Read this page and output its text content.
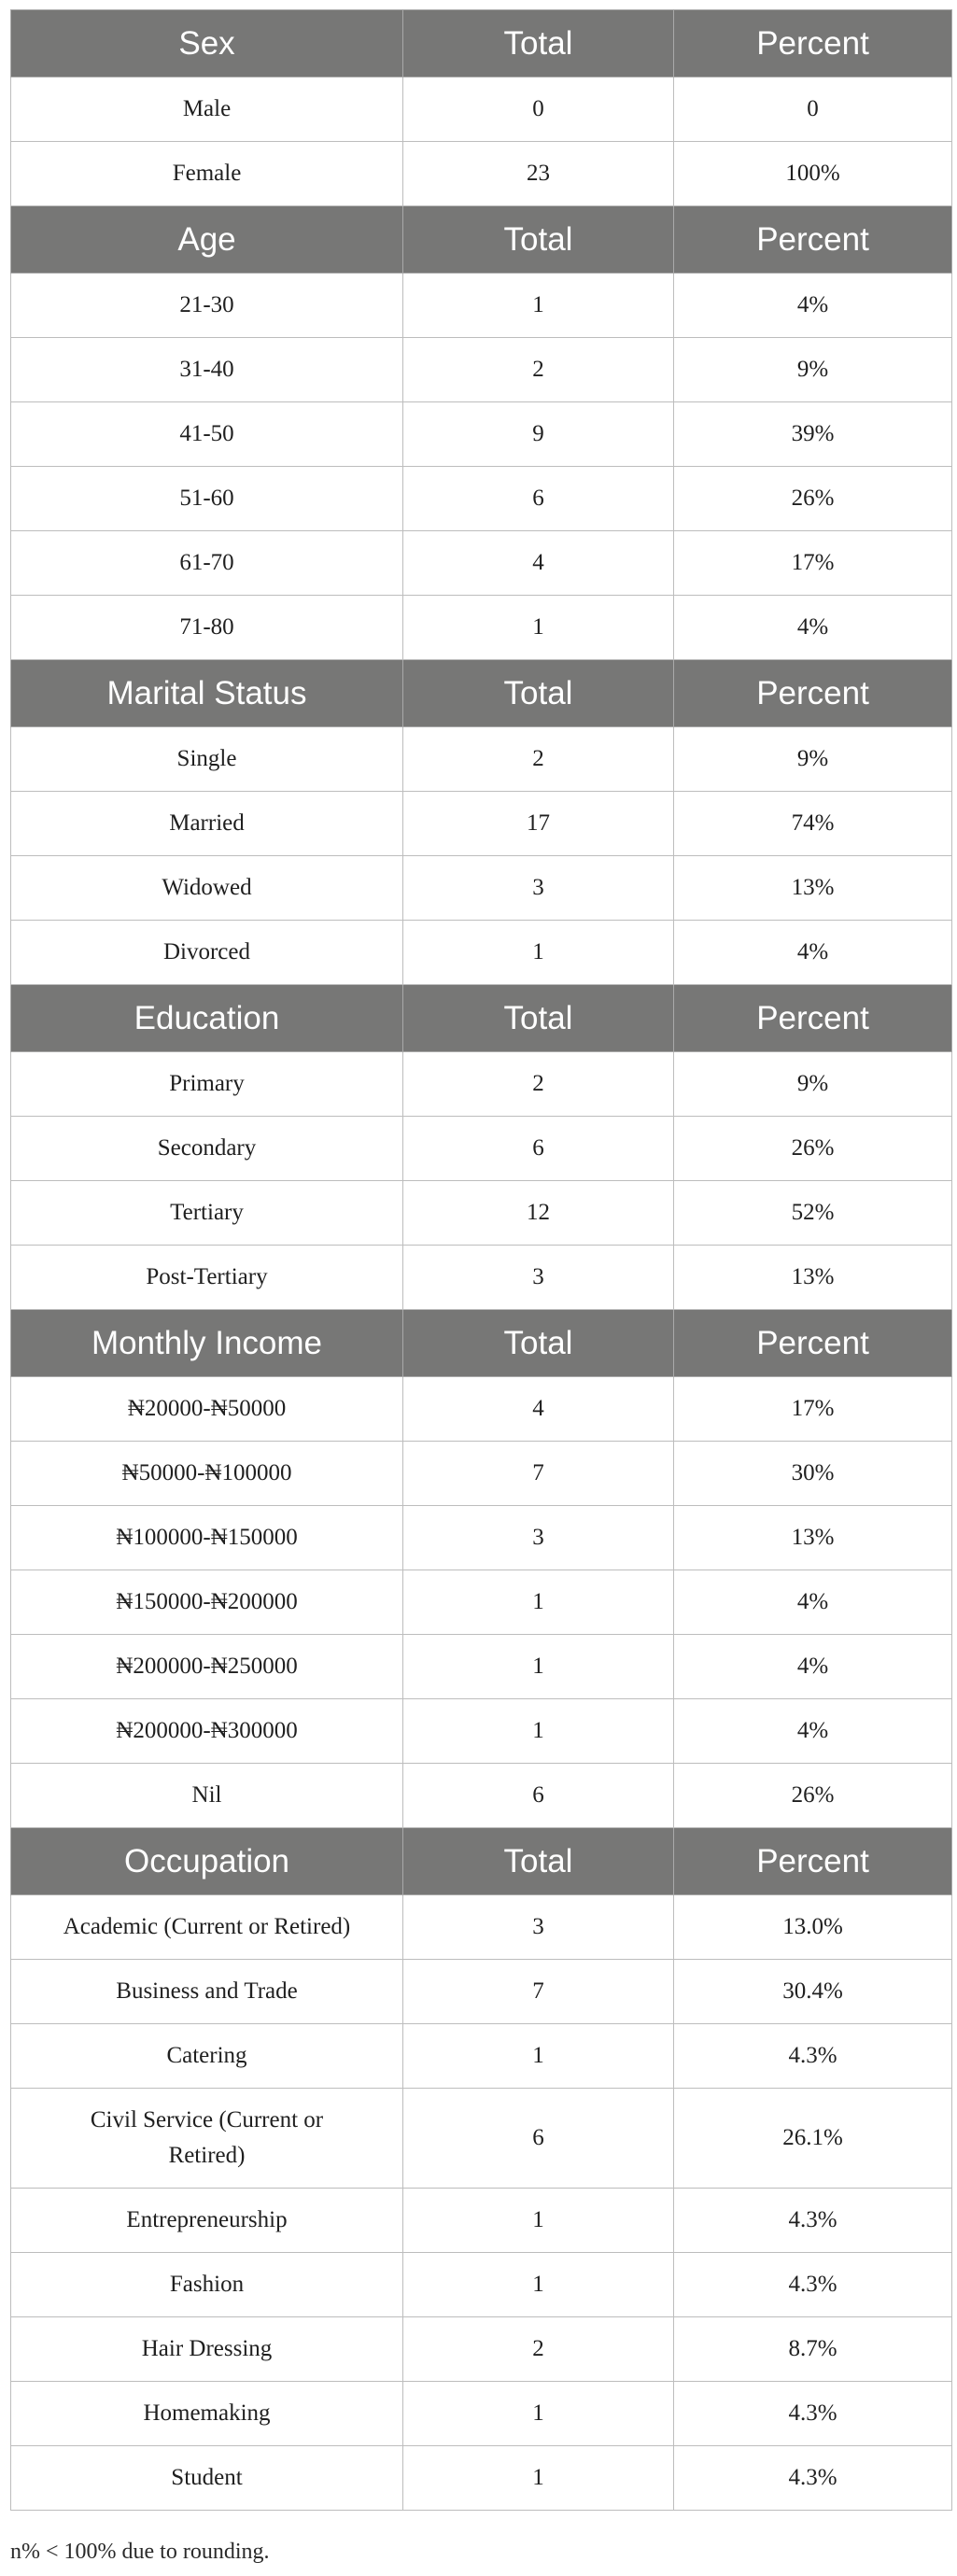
Sex	Total	Percent
Male	0	0
Female	23	100%
Age	Total	Percent
21-30	1	4%
31-40	2	9%
41-50	9	39%
51-60	6	26%
61-70	4	17%
71-80	1	4%
Marital Status	Total	Percent
Single	2	9%
Married	17	74%
Widowed	3	13%
Divorced	1	4%
Education	Total	Percent
Primary	2	9%
Secondary	6	26%
Tertiary	12	52%
Post-Tertiary	3	13%
Monthly Income	Total	Percent
₦20000-₦50000	4	17%
₦50000-₦100000	7	30%
₦100000-₦150000	3	13%
₦150000-₦200000	1	4%
₦200000-₦250000	1	4%
₦200000-₦300000	1	4%
Nil	6	26%
Occupation	Total	Percent
Academic (Current or Retired)	3	13.0%
Business and Trade	7	30.4%
Catering	1	4.3%
Civil Service (Current or Retired)	6	26.1%
Entrepreneurship	1	4.3%
Fashion	1	4.3%
Hair Dressing	2	8.7%
Homemaking	1	4.3%
Student	1	4.3%
n% < 100% due to rounding.
